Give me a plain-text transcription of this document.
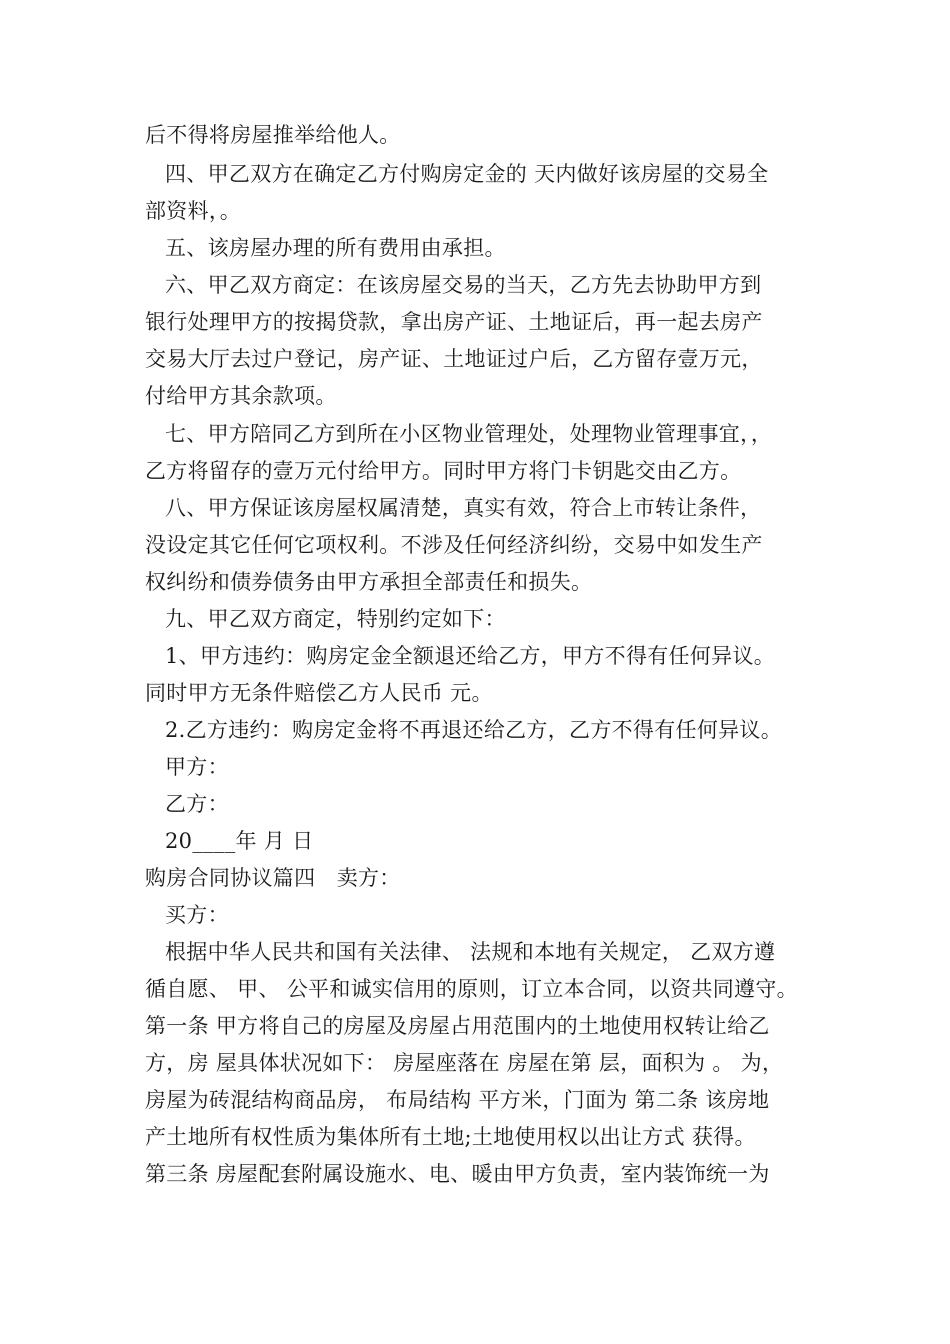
后不得将房屋推举给他人。
四、甲乙双方在确定乙方付购房定金的 天内做好该房屋的交易全
部资料，。
五、该房屋办理的所有费用由承担。
六、甲乙双方商定：在该房屋交易的当天，乙方先去协助甲方到
银行处理甲方的按揭贷款，拿出房产证、土地证后，再一起去房产
交易大厅去过户登记，房产证、土地证过户后，乙方留存壹万元，
付给甲方其余款项。
七、甲方陪同乙方到所在小区物业管理处，处理物业管理事宜，，
乙方将留存的壹万元付给甲方。同时甲方将门卡钥匙交由乙方。
八、甲方保证该房屋权属清楚，真实有效，符合上市转让条件，
没设定其它任何它项权利。不涉及任何经济纠纷，交易中如发生产
权纠纷和债券债务由甲方承担全部责任和损失。
九、甲乙双方商定，特别约定如下：
1、甲方违约：购房定金全额退还给乙方，甲方不得有任何异议。
同时甲方无条件赔偿乙方人民币 元。
2.乙方违约：购房定金将不再退还给乙方，乙方不得有任何异议。
甲方：
乙方：
20____年 月 日
购房合同协议篇四　卖方：
买方：
根据中华人民共和国有关法律、 法规和本地有关规定， 乙双方遵
循自愿、 甲、 公平和诚实信用的原则，订立本合同，以资共同遵守。
第一条 甲方将自己的房屋及房屋占用范围内的土地使用权转让给乙
方，房 屋具体状况如下： 房屋座落在 房屋在第 层，面积为 。 为，
房屋为砖混结构商品房， 布局结构 平方米，门面为 第二条 该房地
产土地所有权性质为集体所有土地;土地使用权以出让方式 获得。
第三条 房屋配套附属设施水、电、暖由甲方负责，室内装饰统一为
